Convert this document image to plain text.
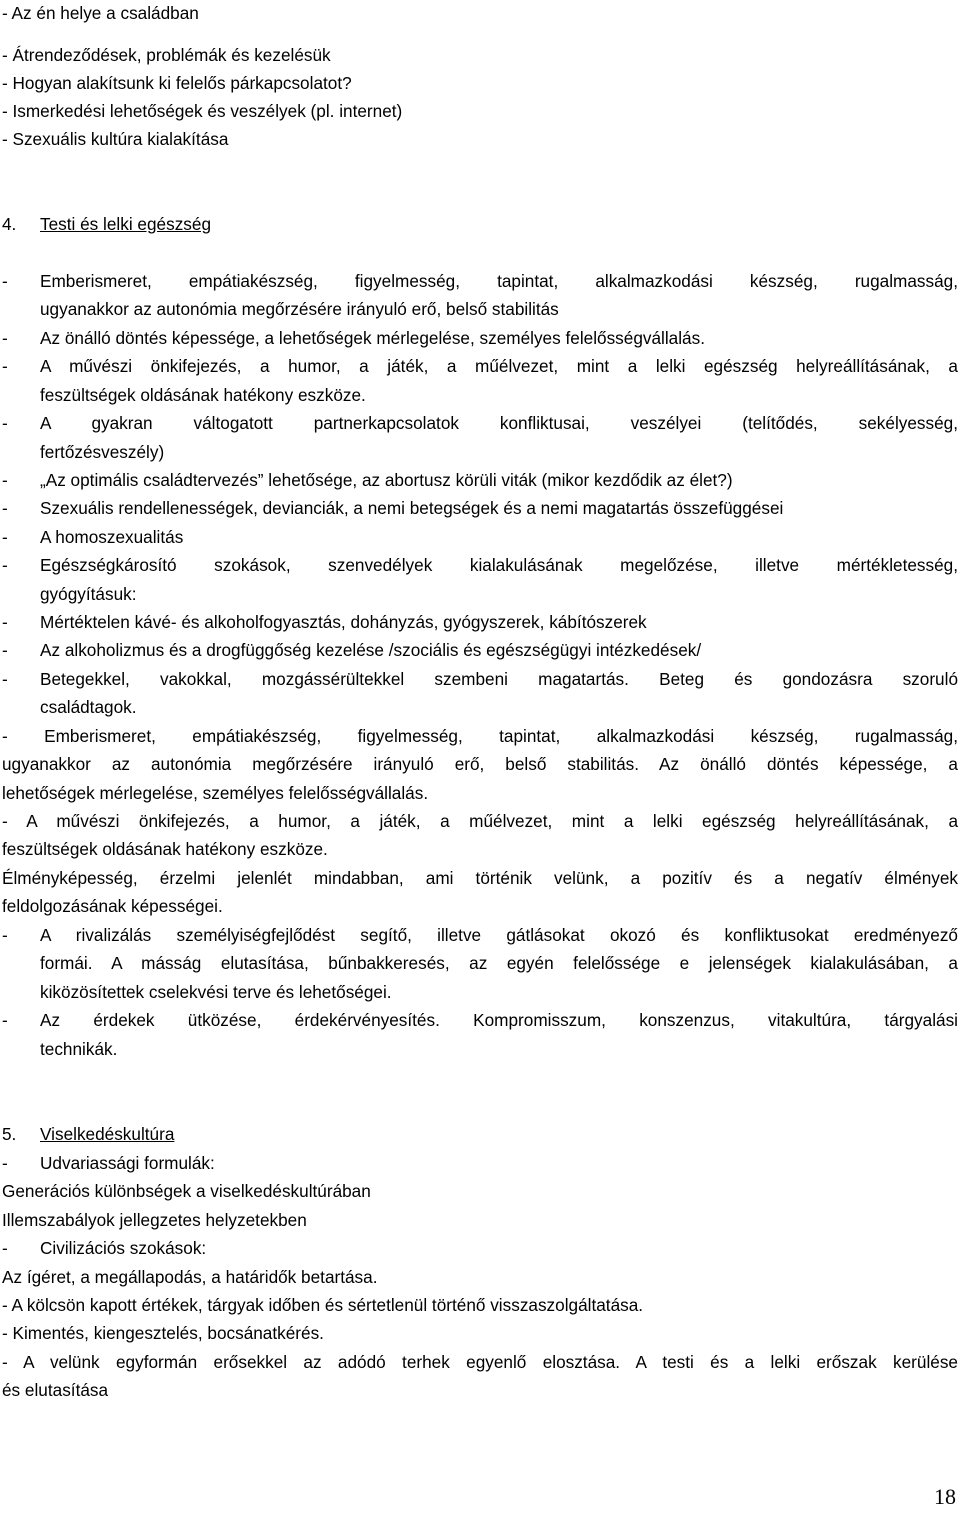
- Az én helye a családban
- Átrendeződések, problémák és kezelésük
- Hogyan alakítsunk ki felelős párkapcsolatot?
- Ismerkedési lehetőségek és veszélyek (pl. internet)
- Szexuális kultúra kialakítása
4. Testi és lelki egészség
- Emberismeret, empátiakészség, figyelmesség, tapintat, alkalmazkodási készség, rugalmasság,
ugyanakkor az autonómia megőrzésére irányuló erő, belső stabilitás
- Az önálló döntés képessége, a lehetőségek mérlegelése, személyes felelősségvállalás.
- A művészi önkifejezés, a humor, a játék, a műélvezet, mint a lelki egészség helyreállításának, a
feszültségek oldásának hatékony eszköze.
- A gyakran váltogatott partnerkapcsolatok konfliktusai, veszélyei (telítődés, sekélyesség,
fertőzésveszély)
- „Az optimális családtervezés” lehetősége, az abortusz körüli viták (mikor kezdődik az élet?)
- Szexuális rendellenességek, devianciák, a nemi betegségek és a nemi magatartás összefüggései
- A homoszexualitás
- Egészségkárosító szokások, szenvedélyek kialakulásának megelőzése, illetve mértékletesség,
gyógyításuk:
- Mértéktelen kávé- és alkoholfogyasztás, dohányzás, gyógyszerek, kábítószerek
- Az alkoholizmus és a drogfüggőség kezelése /szociális és egészségügyi intézkedések/
- Betegekkel, vakokkal, mozgássérültekkel szembeni magatartás. Beteg és gondozásra szoruló
családtagok.
- Emberismeret, empátiakészség, figyelmesség, tapintat, alkalmazkodási készség, rugalmasság,
ugyanakkor az autonómia megőrzésére irányuló erő, belső stabilitás. Az önálló döntés képessége, a
lehetőségek mérlegelése, személyes felelősségvállalás.
- A művészi önkifejezés, a humor, a játék, a műélvezet, mint a lelki egészség helyreállításának, a
feszültségek oldásának hatékony eszköze.
Élményképesség, érzelmi jelenlét mindabban, ami történik velünk, a pozitív és a negatív élmények
feldolgozásának képességei.
- A rivalizálás személyiségfejlődést segítő, illetve gátlásokat okozó és konfliktusokat eredményező
formái. A másság elutasítása, bűnbakkeresés, az egyén felelőssége e jelenségek kialakulásában, a
kiközösítettek cselekvési terve és lehetőségei.
- Az érdekek ütközése, érdekérvényesítés. Kompromisszum, konszenzus, vitakultúra, tárgyalási
technikák.
5. Viselkedéskultúra
- Udvariassági formulák:
Generációs különbségek a viselkedéskultúrában
Illemszabályok jellegzetes helyzetekben
- Civilizációs szokások:
Az ígéret, a megállapodás, a határidők betartása.
- A kölcsön kapott értékek, tárgyak időben és sértetlenül történő visszaszolgáltatása.
- Kimentés, kiengesztelés, bocsánatkérés.
- A velünk egyformán erősekkel az adódó terhek egyenlő elosztása. A testi és a lelki erőszak kerülése
és elutasítása
18
